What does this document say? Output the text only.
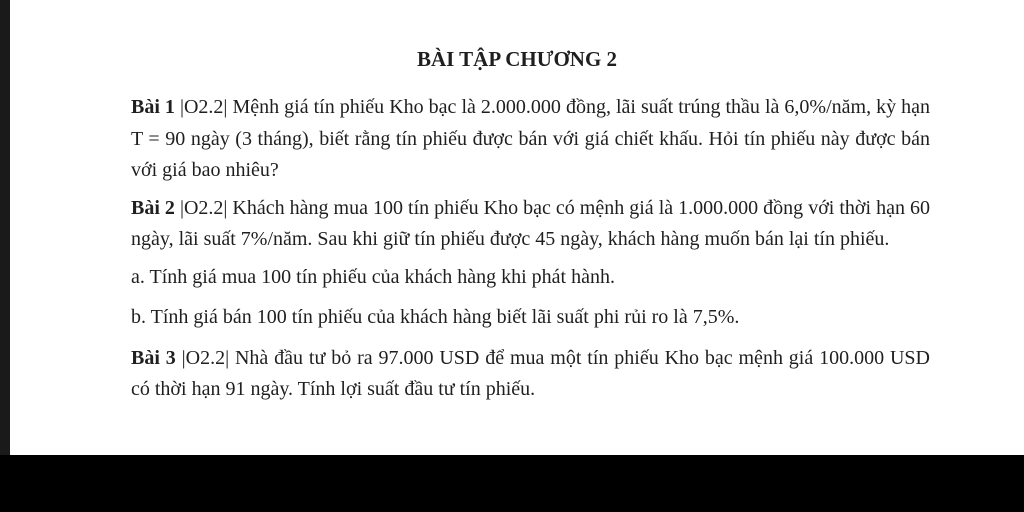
BÀI TẬP CHƯƠNG 2

Bài 1 |O2.2| Mệnh giá tín phiếu Kho bạc là 2.000.000 đồng, lãi suất trúng thầu là 6,0%/năm, kỳ hạn T = 90 ngày (3 tháng), biết rằng tín phiếu được bán với giá chiết khấu. Hỏi tín phiếu này được bán với giá bao nhiêu?

Bài 2 |O2.2| Khách hàng mua 100 tín phiếu Kho bạc có mệnh giá là 1.000.000 đồng với thời hạn 60 ngày, lãi suất 7%/năm. Sau khi giữ tín phiếu được 45 ngày, khách hàng muốn bán lại tín phiếu.

a. Tính giá mua 100 tín phiếu của khách hàng khi phát hành.

b. Tính giá bán 100 tín phiếu của khách hàng biết lãi suất phi rủi ro là 7,5%.

Bài 3 |O2.2| Nhà đầu tư bỏ ra 97.000 USD để mua một tín phiếu Kho bạc mệnh giá 100.000 USD có thời hạn 91 ngày. Tính lợi suất đầu tư tín phiếu.
